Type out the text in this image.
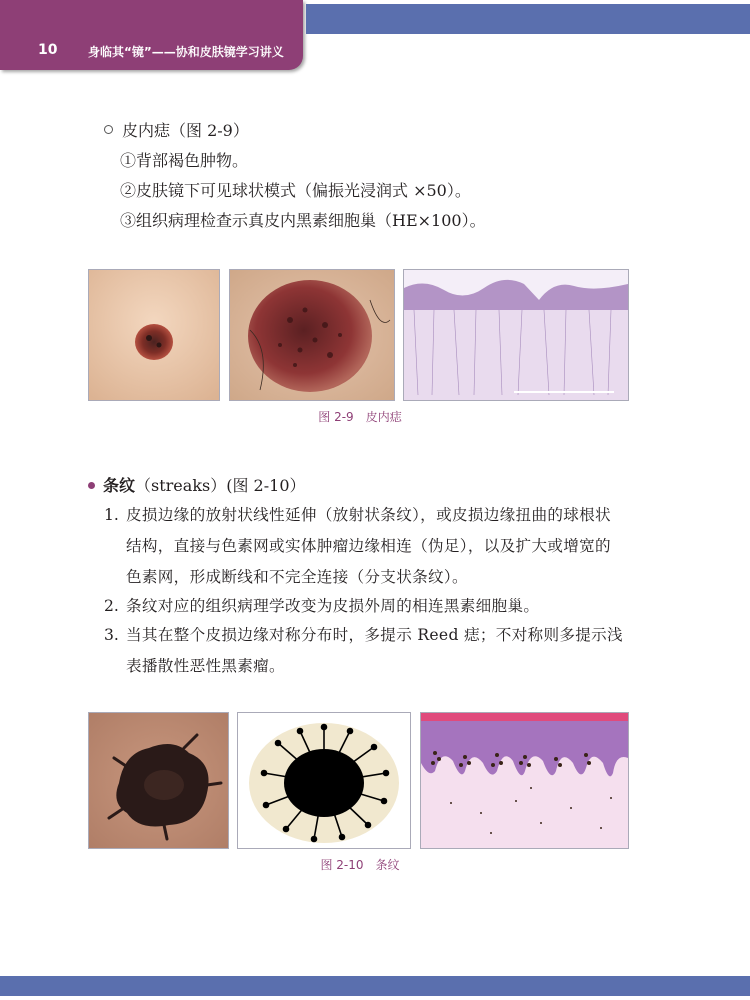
10	身临其“镜”——协和皮肤镜学习讲义
皮内痣（图 2-9）
①背部褐色肿物。
②皮肤镜下可见球状模式（偏振光浸润式 ×50）。
③组织病理检查示真皮内黑素细胞巢（HE×100）。
图 2-9　皮内痣
条纹（streaks）(图 2-10）
1. 皮损边缘的放射状线性延伸（放射状条纹），或皮损边缘扭曲的球根状
结构，直接与色素网或实体肿瘤边缘相连（伪足），以及扩大或增宽的
色素网，形成断线和不完全连接（分支状条纹）。
2. 条纹对应的组织病理学改变为皮损外周的相连黑素细胞巢。
3. 当其在整个皮损边缘对称分布时，多提示 Reed 痣；不对称则多提示浅
表播散性恶性黑素瘤。
图 2-10　条纹
